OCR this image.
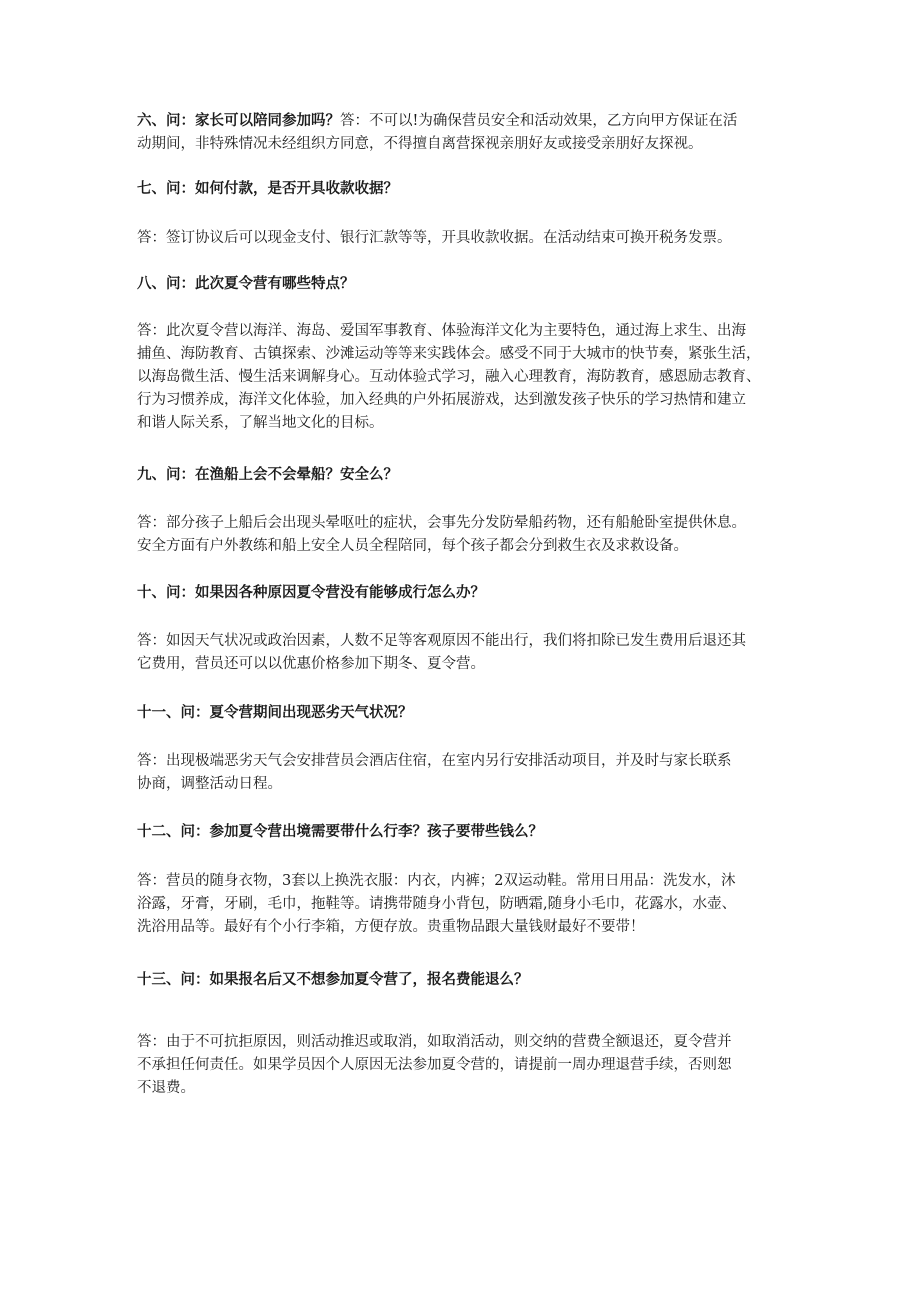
六、问：家长可以陪同参加吗？答：不可以!为确保营员安全和活动效果，乙方向甲方保证在活
动期间，非特殊情况未经组织方同意，不得擅自离营探视亲朋好友或接受亲朋好友探视。

七、问：如何付款，是否开具收款收据？

答：签订协议后可以现金支付、银行汇款等等，开具收款收据。在活动结束可换开税务发票。

八、问：此次夏令营有哪些特点？

答：此次夏令营以海洋、海岛、爱国军事教育、体验海洋文化为主要特色，通过海上求生、出海
捕鱼、海防教育、古镇探索、沙滩运动等等来实践体会。感受不同于大城市的快节奏，紧张生活，
以海岛微生活、慢生活来调解身心。互动体验式学习，融入心理教育，海防教育，感恩励志教育、
行为习惯养成，海洋文化体验，加入经典的户外拓展游戏，达到激发孩子快乐的学习热情和建立
和谐人际关系，了解当地文化的目标。

九、问：在渔船上会不会晕船？安全么？

答：部分孩子上船后会出现头晕呕吐的症状，会事先分发防晕船药物，还有船舱卧室提供休息。
安全方面有户外教练和船上安全人员全程陪同，每个孩子都会分到救生衣及求救设备。

十、问：如果因各种原因夏令营没有能够成行怎么办？

答：如因天气状况或政治因素，人数不足等客观原因不能出行，我们将扣除已发生费用后退还其
它费用，营员还可以以优惠价格参加下期冬、夏令营。

十一、问：夏令营期间出现恶劣天气状况？

答：出现极端恶劣天气会安排营员会酒店住宿，在室内另行安排活动项目，并及时与家长联系
协商，调整活动日程。

十二、问：参加夏令营出境需要带什么行李？孩子要带些钱么？

答：营员的随身衣物，3套以上换洗衣服：内衣，内裤；2双运动鞋。常用日用品：洗发水，沐
浴露，牙膏，牙刷，毛巾，拖鞋等。请携带随身小背包，防晒霜,随身小毛巾，花露水，水壶、
洗浴用品等。最好有个小行李箱，方便存放。贵重物品跟大量钱财最好不要带！

十三、问：如果报名后又不想参加夏令营了，报名费能退么？

答：由于不可抗拒原因，则活动推迟或取消，如取消活动，则交纳的营费全额退还，夏令营并
不承担任何责任。如果学员因个人原因无法参加夏令营的，请提前一周办理退营手续，否则恕
不退费。
